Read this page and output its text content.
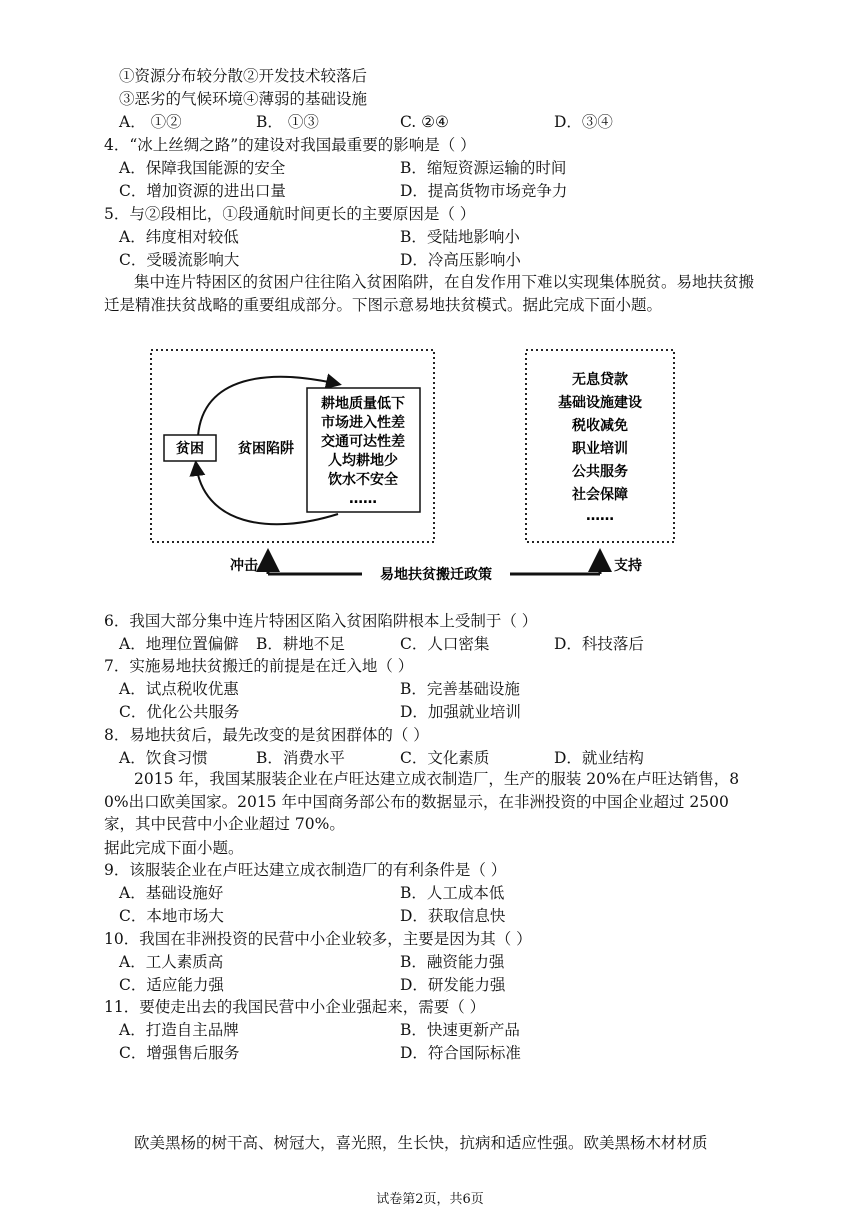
①资源分布较分散②开发技术较落后
③恶劣的气候环境④薄弱的基础设施
A． ①②	B． ①③	C. ②④	D．③④
4．“冰上丝绸之路”的建设对我国最重要的影响是（ ）
A．保障我国能源的安全	B．缩短资源运输的时间
C．增加资源的进出口量	D．提高货物市场竞争力
5．与②段相比，①段通航时间更长的主要原因是（ ）
A．纬度相对较低	B．受陆地影响小
C．受暖流影响大	D．冷高压影响小
集中连片特困区的贫困户往往陷入贫困陷阱，在自发作用下难以实现集体脱贫。易地扶贫搬迁是精准扶贫战略的重要组成部分。下图示意易地扶贫模式。据此完成下面小题。
贫困 贫困陷阱
耕地质量低下
市场进入性差
交通可达性差
人均耕地少
饮水不安全
……
无息贷款
基础设施建设
税收减免
职业培训
公共服务
社会保障
……
易地扶贫搬迁政策
冲击	支持
6．我国大部分集中连片特困区陷入贫困陷阱根本上受制于（ ）
A．地理位置偏僻 B．耕地不足	C．人口密集	D．科技落后
7．实施易地扶贫搬迁的前提是在迁入地（ ）
A．试点税收优惠	B．完善基础设施
C．优化公共服务	D．加强就业培训
8．易地扶贫后，最先改变的是贫困群体的（ ）
A．饮食习惯	B．消费水平	C．文化素质	D．就业结构
2015 年，我国某服装企业在卢旺达建立成衣制造厂，生产的服装 20%在卢旺达销售，80%出口欧美国家。2015 年中国商务部公布的数据显示，在非洲投资的中国企业超过 2500 家，其中民营中小企业超过 70%。
据此完成下面小题。
9．该服装企业在卢旺达建立成衣制造厂的有利条件是（ ）
A．基础设施好	B．人工成本低
C．本地市场大	D．获取信息快
10．我国在非洲投资的民营中小企业较多，主要是因为其（ ）
A．工人素质高	B．融资能力强
C．适应能力强	D．研发能力强
11．要使走出去的我国民营中小企业强起来，需要（ ）
A．打造自主品牌	B．快速更新产品
C．增强售后服务	D．符合国际标准
欧美黑杨的树干高、树冠大，喜光照，生长快，抗病和适应性强。欧美黑杨木材材质
试卷第2页，共6页
